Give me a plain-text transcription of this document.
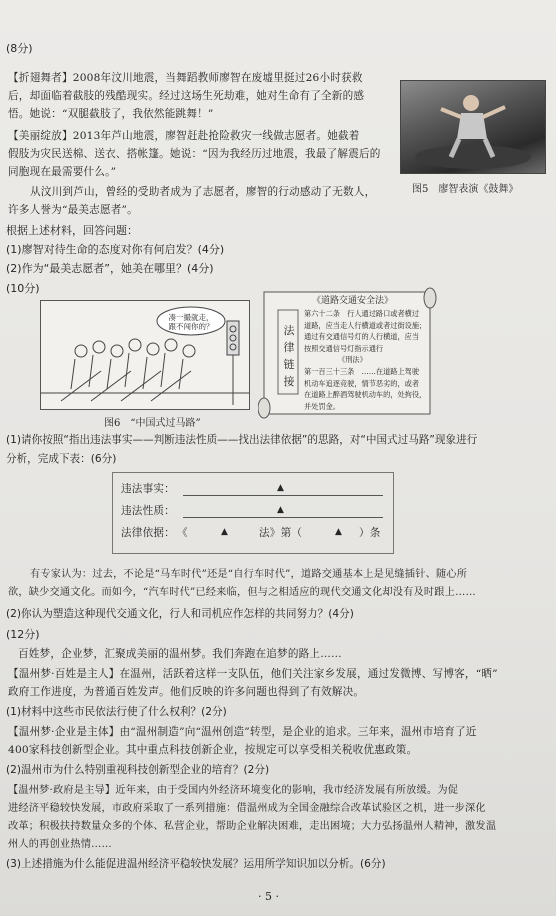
(8分)
【折翅舞者】2008年汶川地震，当舞蹈教师廖智在废墟里挺过26小时获救
后，却面临着截肢的残酷现实。经过这场生死劫难，她对生命有了全新的感
悟。她说：“双腿截肢了，我依然能跳舞！”
【美丽绽放】2013年芦山地震，廖智赶赴抢险救灾一线做志愿者。她截着
假肢为灾民送棉、送衣、搭帐篷。她说：“因为我经历过地震，我最了解震后的
同胞现在最需要什么。”
从汶川到芦山，曾经的受助者成为了志愿者，廖智的行动感动了无数人，
许多人誉为“最美志愿者”。
图5　廖智表演《鼓舞》
根据上述材料，回答问题：
(1)廖智对待生命的态度对你有何启发？(4分)
(2)作为“最美志愿者”，她美在哪里？(4分)
(10分)
凑一撮就走，跟不闯你的？
图6　“中国式过马路”
《道路交通安全法》
法
律
链
接
第六十二条　行人通过路口或者横过
道路，应当走人行横道或者过街设施；
通过有交通信号灯的人行横道，应当
按照交通信号灯指示通行
《刑法》
第一百三十三条　……在道路上驾驶
机动车追逐竞驶，情节恶劣的，或者
在道路上醉酒驾驶机动车的，处拘役，
并处罚金。
(1)请你按照“指出违法事实——判断违法性质——找出法律依据”的思路，对“中国式过马路”现象进行
分析，完成下表：(6分)
违法事实：	▲
违法性质：	▲
法律依据： 《	▲	法》第（	▲ ）条
有专家认为：过去，不论是“马车时代”还是“自行车时代”，道路交通基本上是见缝插针、随心所
欲，缺少交通文化。而如今，“汽车时代”已经来临，但与之相适应的现代交通文化却没有及时跟上……
(2)你认为塑造这种现代交通文化，行人和司机应作怎样的共同努力？(4分)
(12分)
百姓梦，企业梦，汇聚成美丽的温州梦。我们奔跑在追梦的路上……
【温州梦·百姓是主人】在温州，活跃着这样一支队伍，他们关注家乡发展，通过发微博、写博客，“晒”
政府工作进度，为普通百姓发声。他们反映的许多问题也得到了有效解决。
(1)材料中这些市民依法行使了什么权利？(2分)
【温州梦·企业是主体】由“温州制造”向“温州创造”转型，是企业的追求。三年来，温州市培育了近
400家科技创新型企业。其中重点科技创新企业，按规定可以享受相关税收优惠政策。
(2)温州市为什么特别重视科技创新型企业的培育？(2分)
【温州梦·政府是主导】近年来，由于受国内外经济环境变化的影响，我市经济发展有所放缓。为促
进经济平稳较快发展，市政府采取了一系列措施：借温州成为全国金融综合改革试验区之机，进一步深化
改革；积极扶持数量众多的个体、私营企业，帮助企业解决困难，走出困境；大力弘扬温州人精神，激发温
州人的再创业热情……
(3)上述措施为什么能促进温州经济平稳较快发展？运用所学知识加以分析。(6分)
· 5 ·
